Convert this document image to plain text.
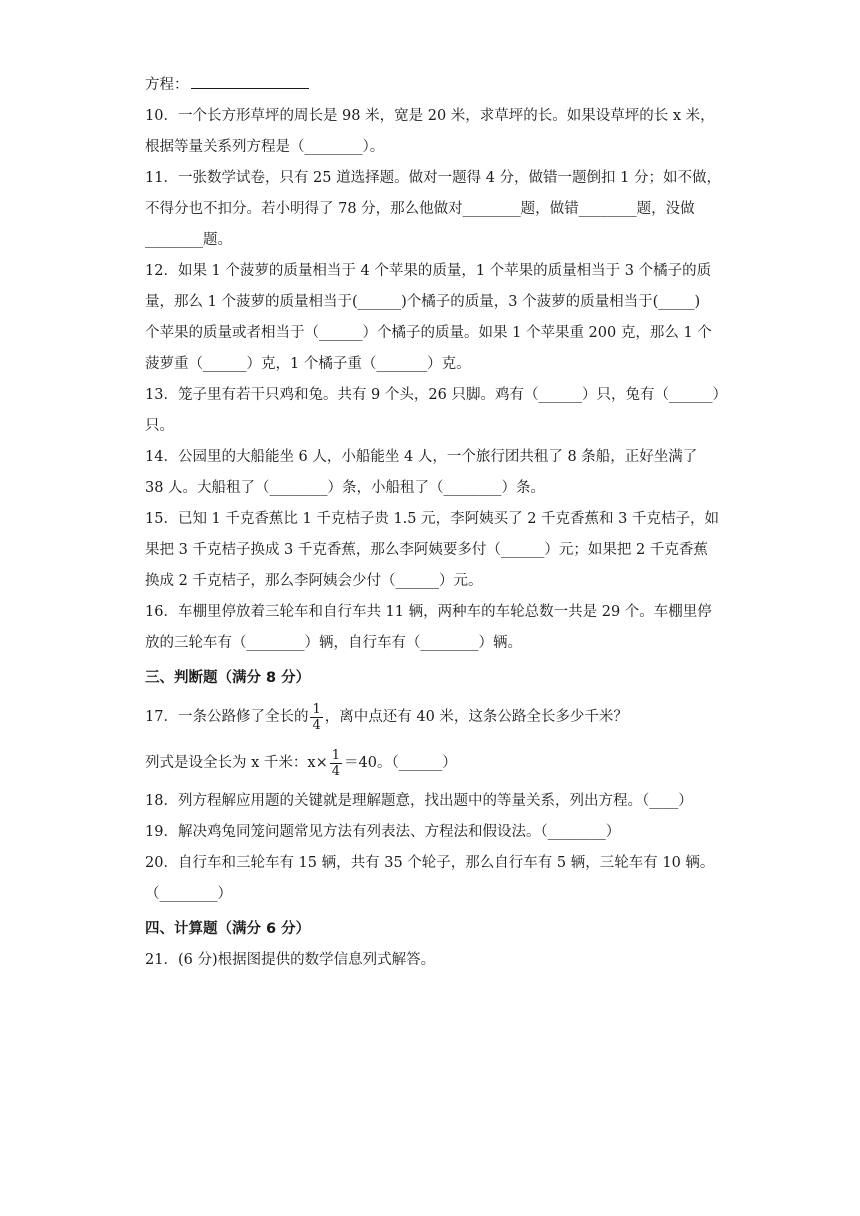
方程：
10．一个长方形草坪的周长是 98 米，宽是 20 米，求草坪的长。如果设草坪的长 x 米，
根据等量关系列方程是（________）。
11．一张数学试卷，只有 25 道选择题。做对一题得 4 分，做错一题倒扣 1 分；如不做，
不得分也不扣分。若小明得了 78 分，那么他做对________题，做错________题，没做
________题。
12．如果 1 个菠萝的质量相当于 4 个苹果的质量，1 个苹果的质量相当于 3 个橘子的质
量，那么 1 个菠萝的质量相当于(______)个橘子的质量，3 个菠萝的质量相当于(_____)
个苹果的质量或者相当于（______）个橘子的质量。如果 1 个苹果重 200 克，那么 1 个
菠萝重（______）克，1 个橘子重（_______）克。
13．笼子里有若干只鸡和兔。共有 9 个头，26 只脚。鸡有（______）只，兔有（______）
只。
14．公园里的大船能坐 6 人，小船能坐 4 人，一个旅行团共租了 8 条船，正好坐满了
38 人。大船租了（________）条，小船租了（________）条。
15．已知 1 千克香蕉比 1 千克桔子贵 1.5 元，李阿姨买了 2 千克香蕉和 3 千克桔子，如
果把 3 千克桔子换成 3 千克香蕉，那么李阿姨要多付（______）元；如果把 2 千克香蕉
换成 2 千克桔子，那么李阿姨会少付（______）元。
16．车棚里停放着三轮车和自行车共 11 辆，两种车的车轮总数一共是 29 个。车棚里停
放的三轮车有（________）辆，自行车有（________）辆。
三、判断题（满分 8 分）
17．一条公路修了全长的 $\frac{1}{4}$ ，离中点还有 40 米，这条公路全长多少千米？
列式是设全长为 x 千米：$x\times \frac{1}{4} =40$。（______）
18．列方程解应用题的关键就是理解题意，找出题中的等量关系，列出方程。（____）
19．解决鸡兔同笼问题常见方法有列表法、方程法和假设法。（________）
20．自行车和三轮车有 15 辆，共有 35 个轮子，那么自行车有 5 辆，三轮车有 10 辆。
（________）
四、计算题（满分 6 分）
21．(6 分)根据图提供的数学信息列式解答。
